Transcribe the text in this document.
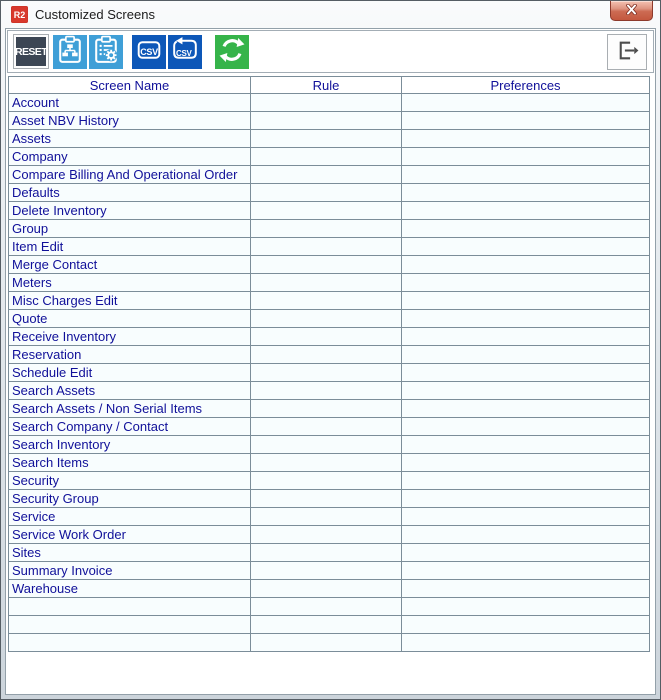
R2 Customized Screens
RESET	CSV	CSV
Screen Name	Rule	Preferences
Account		
Asset NBV History		
Assets		
Company		
Compare Billing And Operational Order		
Defaults		
Delete Inventory		
Group		
Item Edit		
Merge Contact		
Meters		
Misc Charges Edit		
Quote		
Receive Inventory		
Reservation		
Schedule Edit		
Search Assets		
Search Assets / Non Serial Items		
Search Company / Contact		
Search Inventory		
Search Items		
Security		
Security Group		
Service		
Service Work Order		
Sites		
Summary Invoice		
Warehouse		
